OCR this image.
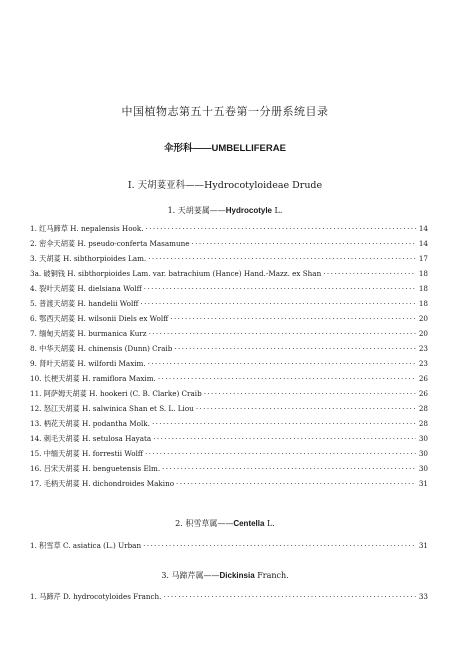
中国植物志第五十五卷第一分册系统目录
伞形科——UMBELLIFERAE
I. 天胡荽亚科——Hydrocotyloideae Drude
1. 天胡荽属——Hydrocotyle L.
1. 红马蹄草 H. nepalensis Hook. ·····	14
2. 密伞天胡荽 H. pseudo-conferta Masamune ·····	14
3. 天胡荽 H. sibthorpioides Lam. ·····	17
3a. 破铜钱 H. sibthorpioides Lam. var. batrachium (Hance) Hand.-Mazz. ex Shan ·····	18
4. 裂叶天胡荽 H. dielsiana Wolff ·····	18
5. 普渡天胡荽 H. handelii Wolff ·····	18
6. 鄂西天胡荽 H. wilsonii Diels ex Wolff ·····	20
7. 缅甸天胡荽 H. burmanica Kurz ·····	20
8. 中华天胡荽 H. chinensis (Dunn) Craib ·····	23
9. 肾叶天胡荽 H. wilfordi Maxim. ·····	23
10. 长梗天胡荽 H. ramiflora Maxim. ·····	26
11. 阿萨姆天胡荽 H. hookeri (C. B. Clarke) Craib ·····	26
12. 怒江天胡荽 H. salwinica Shan et S. L. Liou ·····	28
13. 柄花天胡荽 H. podantha Molk. ·····	28
14. 刺毛天胡荽 H. setulosa Hayata ·····	30
15. 中缅天胡荽 H. forrestii Wolff ·····	30
16. 吕宋天胡荽 H. benguetensis Elm. ·····	30
17. 毛柄天胡荽 H. dichondroides Makino ·····	31
2. 积雪草属——Centella L.
1. 积雪草 C. asiatica (L.) Urban ·····	31
3. 马蹄芹属——Dickinsia Franch.
1. 马蹄芹 D. hydrocotyloides Franch. ·····	33
